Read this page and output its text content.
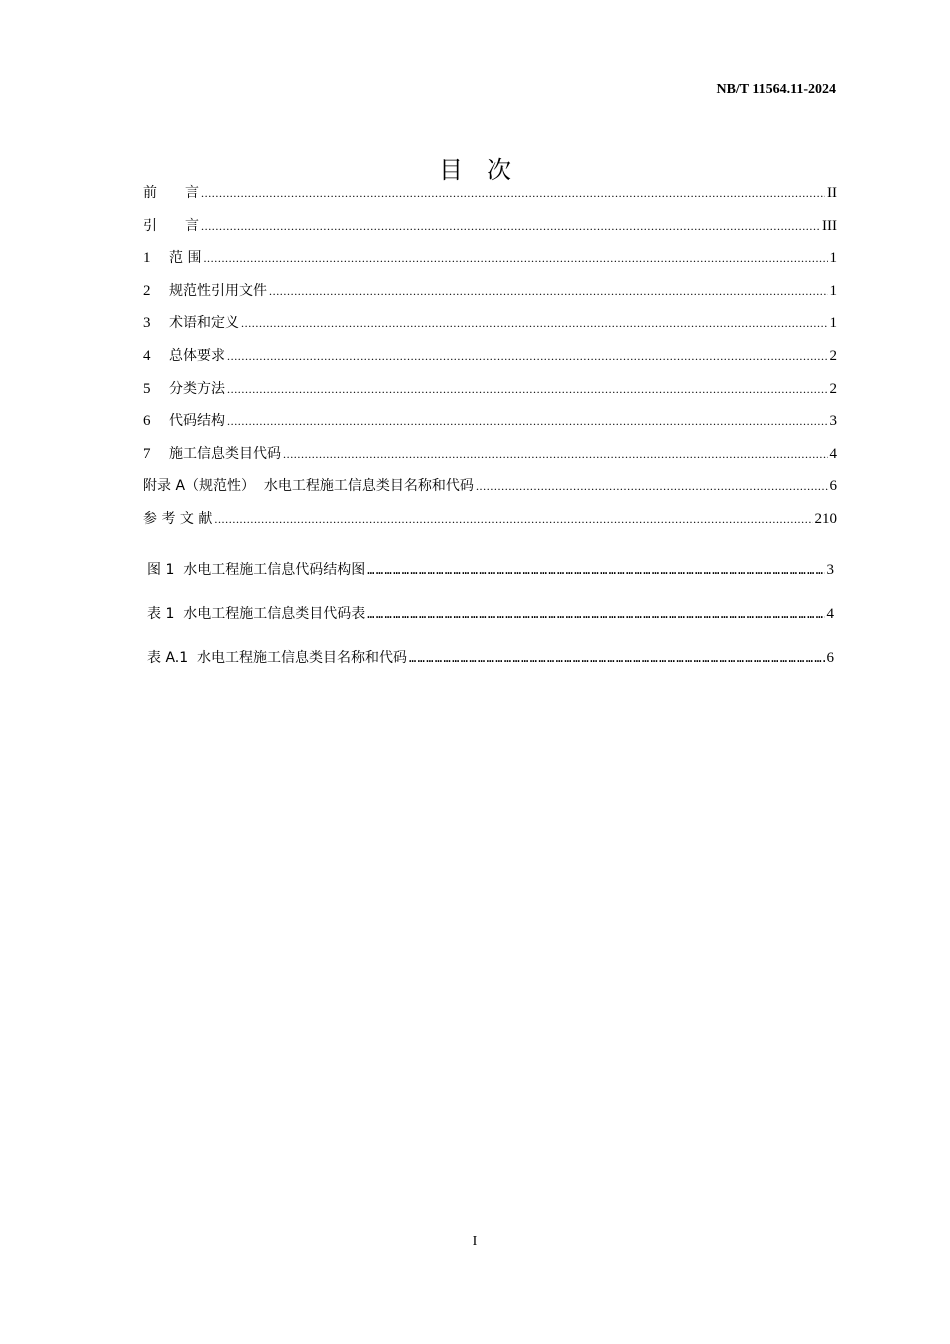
NB/T 11564.11-2024
目 次
前　　言 .....	II
引　　言 .....	III
1	范 围 .....	1
2	规范性引用文件 .....	1
3	术语和定义 .....	1
4	总体要求 .....	2
5	分类方法 .....	2
6	代码结构 .....	3
7	施工信息类目代码 .....	4
附录 A（规范性）  水电工程施工信息类目名称和代码 .....	6
参 考 文 献 .....	210
图 1  水电工程施工信息代码结构图 …………………………………………………………………………………………………………………………………………………………………………………………	3
表 1  水电工程施工信息类目代码表 …………………………………………………………………………………………………………………………………………………………………………………………	4
表 A.1  水电工程施工信息类目名称和代码 …………………………………………………………………………………………………………………………………………………………………………………………	6
I
